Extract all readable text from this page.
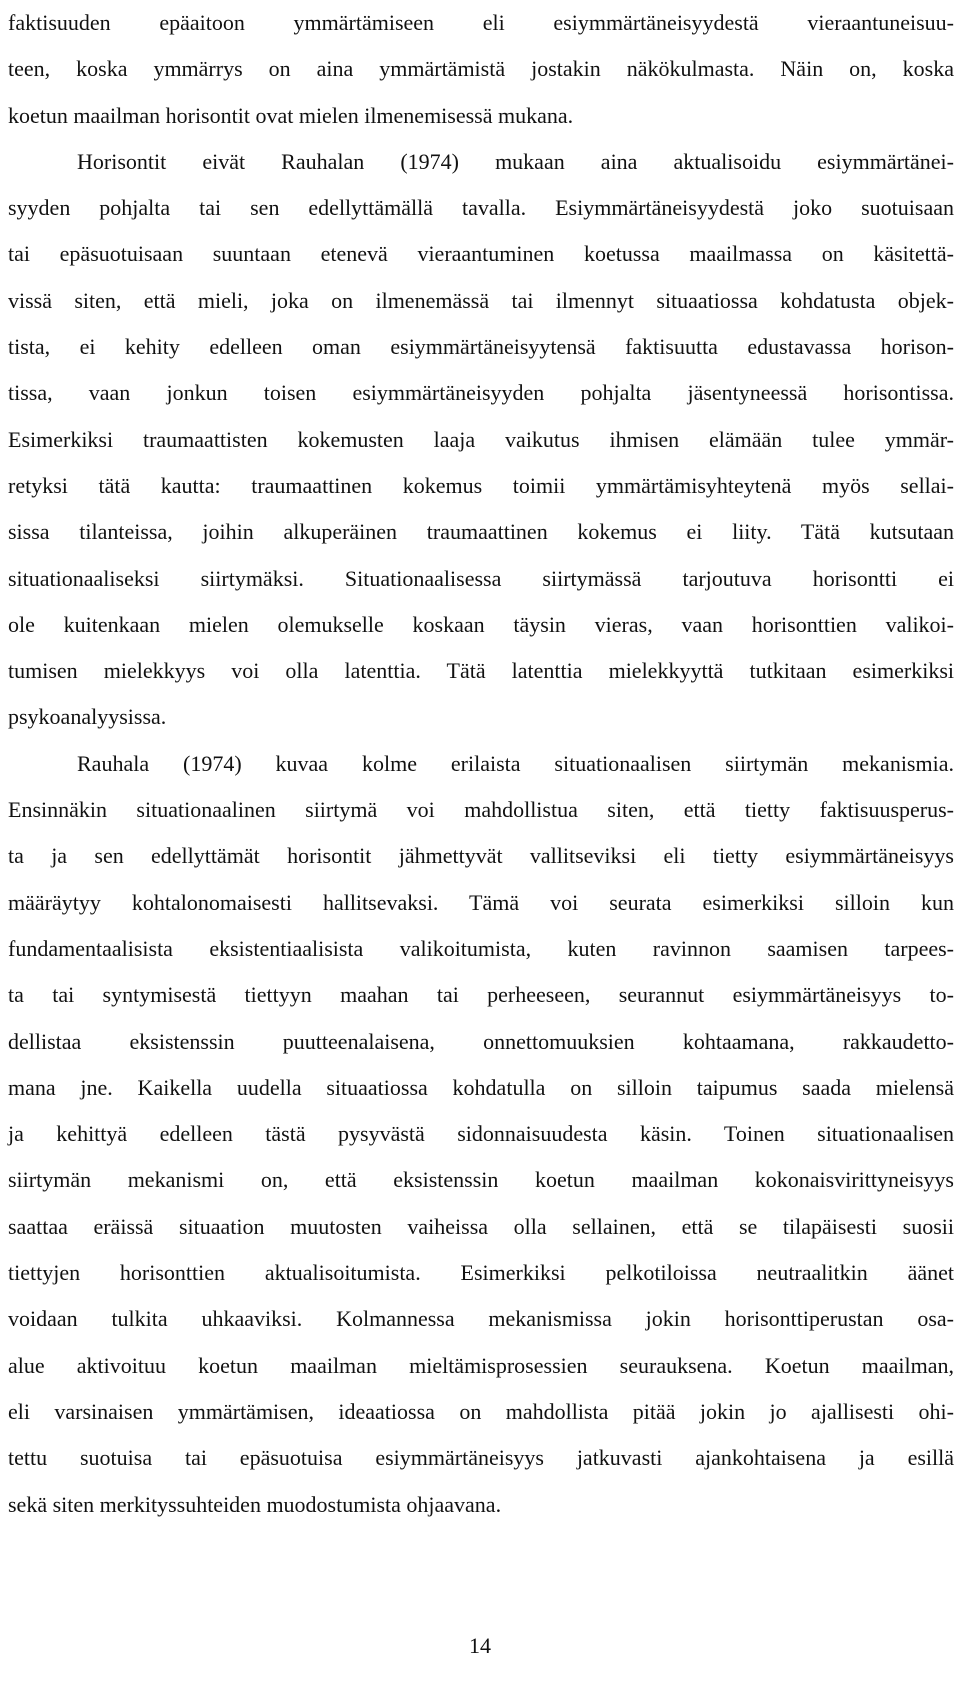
faktisuuden epäaitoon ymmärtämiseen eli esiymmärtäneisyydestä vieraantuneisuu-
teen, koska ymmärrys on aina ymmärtämistä jostakin näkökulmasta. Näin on, koska
koetun maailman horisontit ovat mielen ilmenemisessä mukana.
Horisontit eivät Rauhalan (1974) mukaan aina aktualisoidu esiymmärtänei-
syyden pohjalta tai sen edellyttämällä tavalla. Esiymmärtäneisyydestä joko suotuisaan
tai epäsuotuisaan suuntaan etenevä vieraantuminen koetussa maailmassa on käsitettä-
vissä siten, että mieli, joka on ilmenemässä tai ilmennyt situaatiossa kohdatusta objek-
tista, ei kehity edelleen oman esiymmärtäneisyytensä faktisuutta edustavassa horison-
tissa, vaan jonkun toisen esiymmärtäneisyyden pohjalta jäsentyneessä horisontissa.
Esimerkiksi traumaattisten kokemusten laaja vaikutus ihmisen elämään tulee ymmär-
retyksi tätä kautta: traumaattinen kokemus toimii ymmärtämisyhteytenä myös sellai-
sissa tilanteissa, joihin alkuperäinen traumaattinen kokemus ei liity. Tätä kutsutaan
situationaaliseksi siirtymäksi. Situationaalisessa siirtymässä tarjoutuva horisontti ei
ole kuitenkaan mielen olemukselle koskaan täysin vieras, vaan horisonttien valikoi-
tumisen mielekkyys voi olla latenttia. Tätä latenttia mielekkyyttä tutkitaan esimerkiksi
psykoanalyysissa.
Rauhala (1974) kuvaa kolme erilaista situationaalisen siirtymän mekanismia.
Ensinnäkin situationaalinen siirtymä voi mahdollistua siten, että tietty faktisuusperus-
ta ja sen edellyttämät horisontit jähmettyvät vallitseviksi eli tietty esiymmärtäneisyys
määräytyy kohtalonomaisesti hallitsevaksi. Tämä voi seurata esimerkiksi silloin kun
fundamentaalisista eksistentiaalisista valikoitumista, kuten ravinnon saamisen tarpees-
ta tai syntymisestä tiettyyn maahan tai perheeseen, seurannut esiymmärtäneisyys to-
dellistaa eksistenssin puutteenalaisena, onnettomuuksien kohtaamana, rakkaudetto-
mana jne. Kaikella uudella situaatiossa kohdatulla on silloin taipumus saada mielensä
ja kehittyä edelleen tästä pysyvästä sidonnaisuudesta käsin. Toinen situationaalisen
siirtymän mekanismi on, että eksistenssin koetun maailman kokonaisvirittyneisyys
saattaa eräissä situaation muutosten vaiheissa olla sellainen, että se tilapäisesti suosii
tiettyjen horisonttien aktualisoitumista. Esimerkiksi pelkotiloissa neutraalitkin äänet
voidaan tulkita uhkaaviksi. Kolmannessa mekanismissa jokin horisonttiperustan osa-
alue aktivoituu koetun maailman mieltämisprosessien seurauksena. Koetun maailman,
eli varsinaisen ymmärtämisen, ideaatiossa on mahdollista pitää jokin jo ajallisesti ohi-
tettu suotuisa tai epäsuotuisa esiymmärtäneisyys jatkuvasti ajankohtaisena ja esillä
sekä siten merkityssuhteiden muodostumista ohjaavana.
14
